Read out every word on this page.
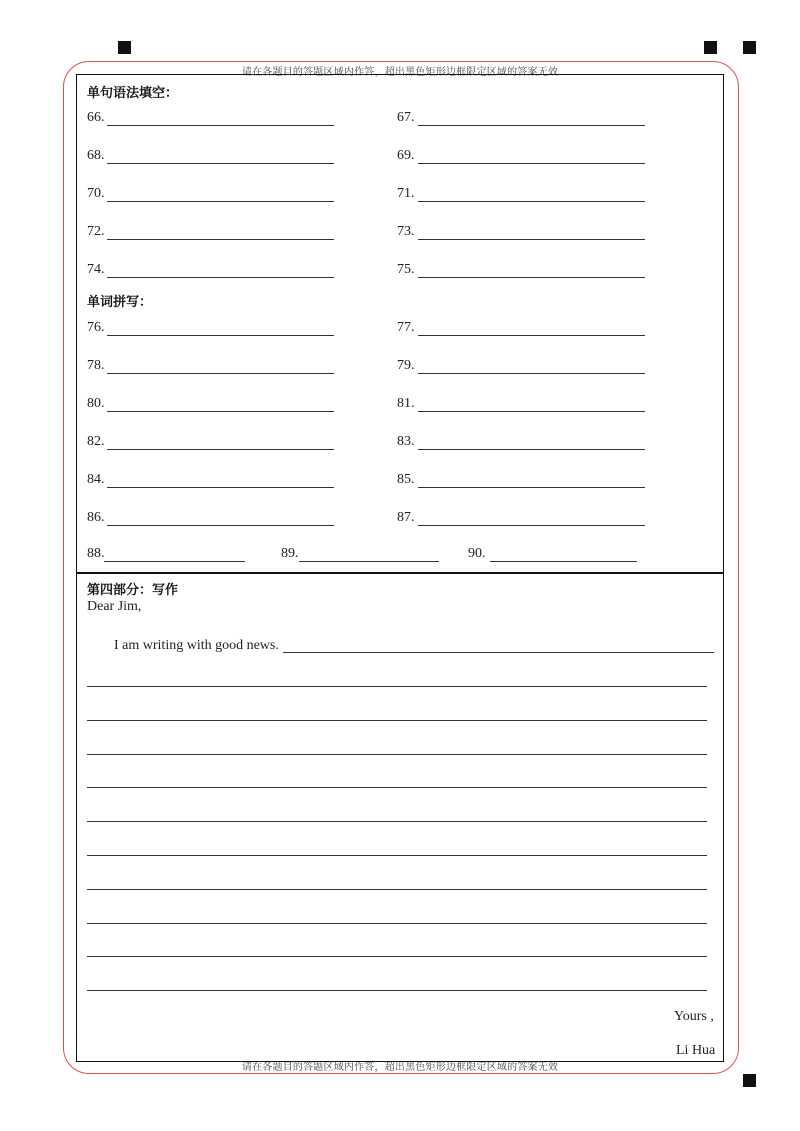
请在各题目的答题区域内作答，超出黑色矩形边框限定区域的答案无效
请在各题目的答题区域内作答，超出黑色矩形边框限定区域的答案无效
单句语法填空：
66.	67.
68.	69.
70.	71.
72.	73.
74.	75.
单词拼写：
76.	77.
78.	79.
80.	81.
82.	83.
84.	85.
86.	87.
88.	89.	90.
第四部分：写作
Dear Jim,
I am writing with good news.
Yours ,
Li Hua
